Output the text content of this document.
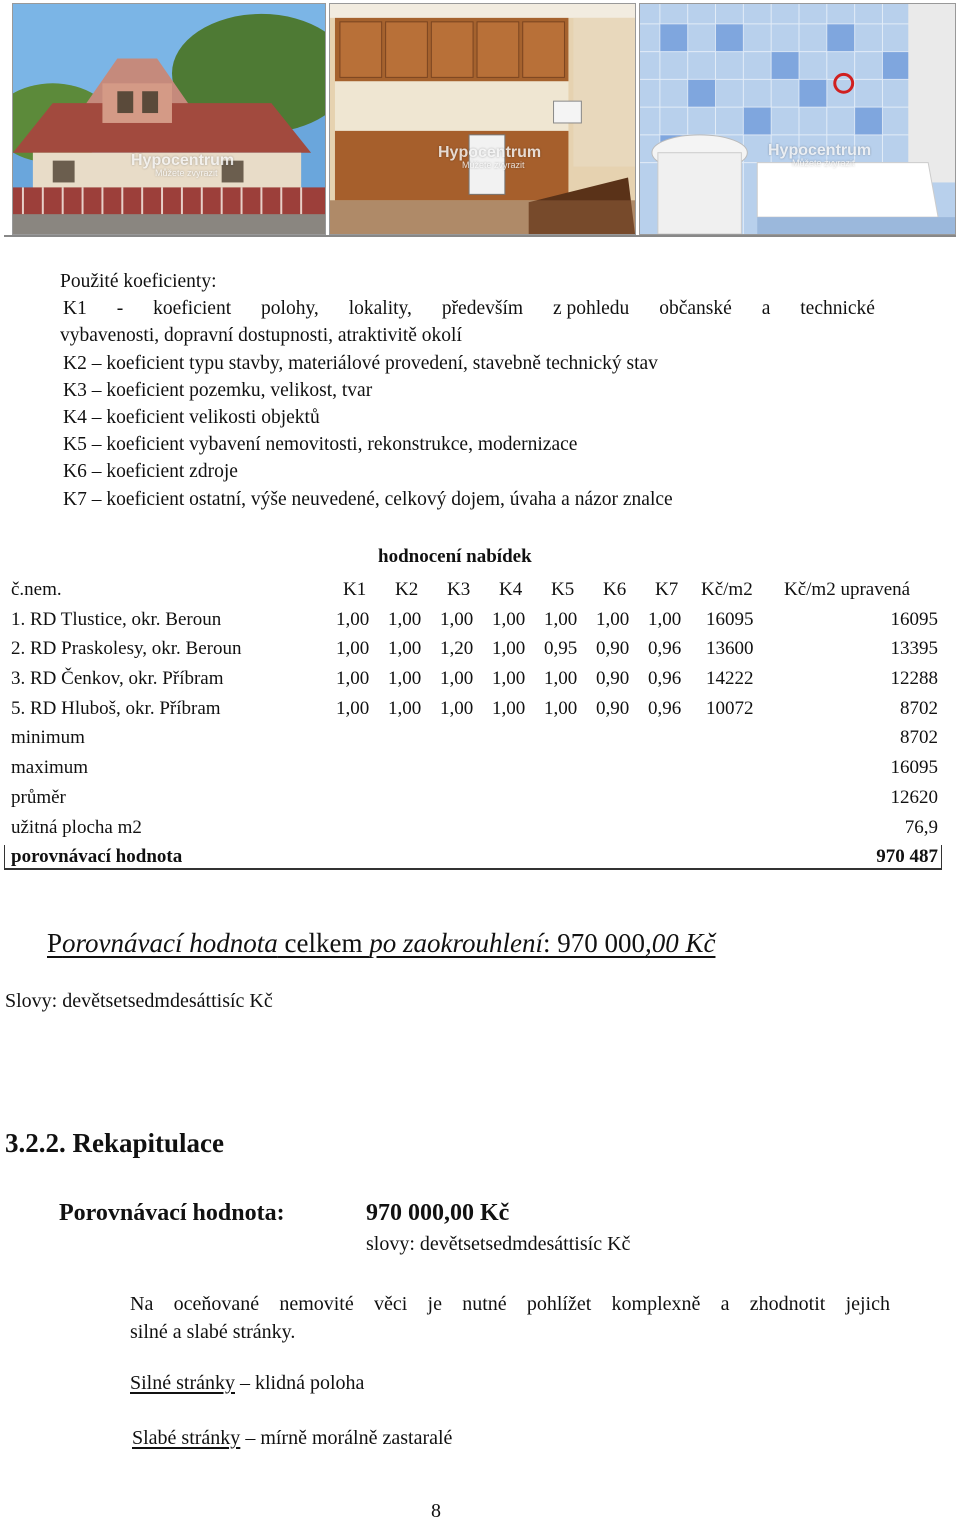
Hypocentrum
Můžete zvyrazit
Hypocentrum
Můžete zvyrazit
Hypocentrum
Můžete zvyrazit
Použité koeficienty:
K1 - koeficient polohy, lokality, především z pohledu občanské a technické
vybavenosti, dopravní dostupnosti, atraktivitě okolí
K2 – koeficient typu stavby, materiálové provedení, stavebně technický stav
K3 – koeficient pozemku, velikost, tvar
K4 – koeficient velikosti objektů
K5 – koeficient vybavení nemovitosti, rekonstrukce, modernizace
K6 – koeficient zdroje
K7 – koeficient ostatní, výše neuvedené, celkový dojem, úvaha a názor znalce
hodnocení nabídek
č.nem.	K1 K2 K3 K4 K5 K6 K7 Kč/m2 Kč/m2 upravená
1. RD Tlustice, okr. Beroun	1,00 1,00 1,00 1,00 1,00 1,00 1,00 16095	16095
2. RD Praskolesy, okr. Beroun	1,00 1,00 1,20 1,00 0,95 0,90 0,96 13600	13395
3. RD Čenkov, okr. Příbram	1,00 1,00 1,00 1,00 1,00 0,90 0,96 14222	12288
5. RD Hluboš, okr. Příbram	1,00 1,00 1,00 1,00 1,00 0,90 0,96 10072	8702
minimum	8702
maximum	16095
průměr	12620
užitná plocha m2	76,9
porovnávací hodnota	970 487
Porovnávací hodnota celkem po zaokrouhlení: 970 000,00 Kč
Slovy: devětsetsedmdesáttisíc Kč
3.2.2. Rekapitulace
Porovnávací hodnota:	970 000,00 Kč
slovy: devětsetsedmdesáttisíc Kč
Na oceňované nemovité věci je nutné pohlížet komplexně a zhodnotit jejich
silné a slabé stránky.
Silné stránky – klidná poloha
Slabé stránky – mírně morálně zastaralé
8
